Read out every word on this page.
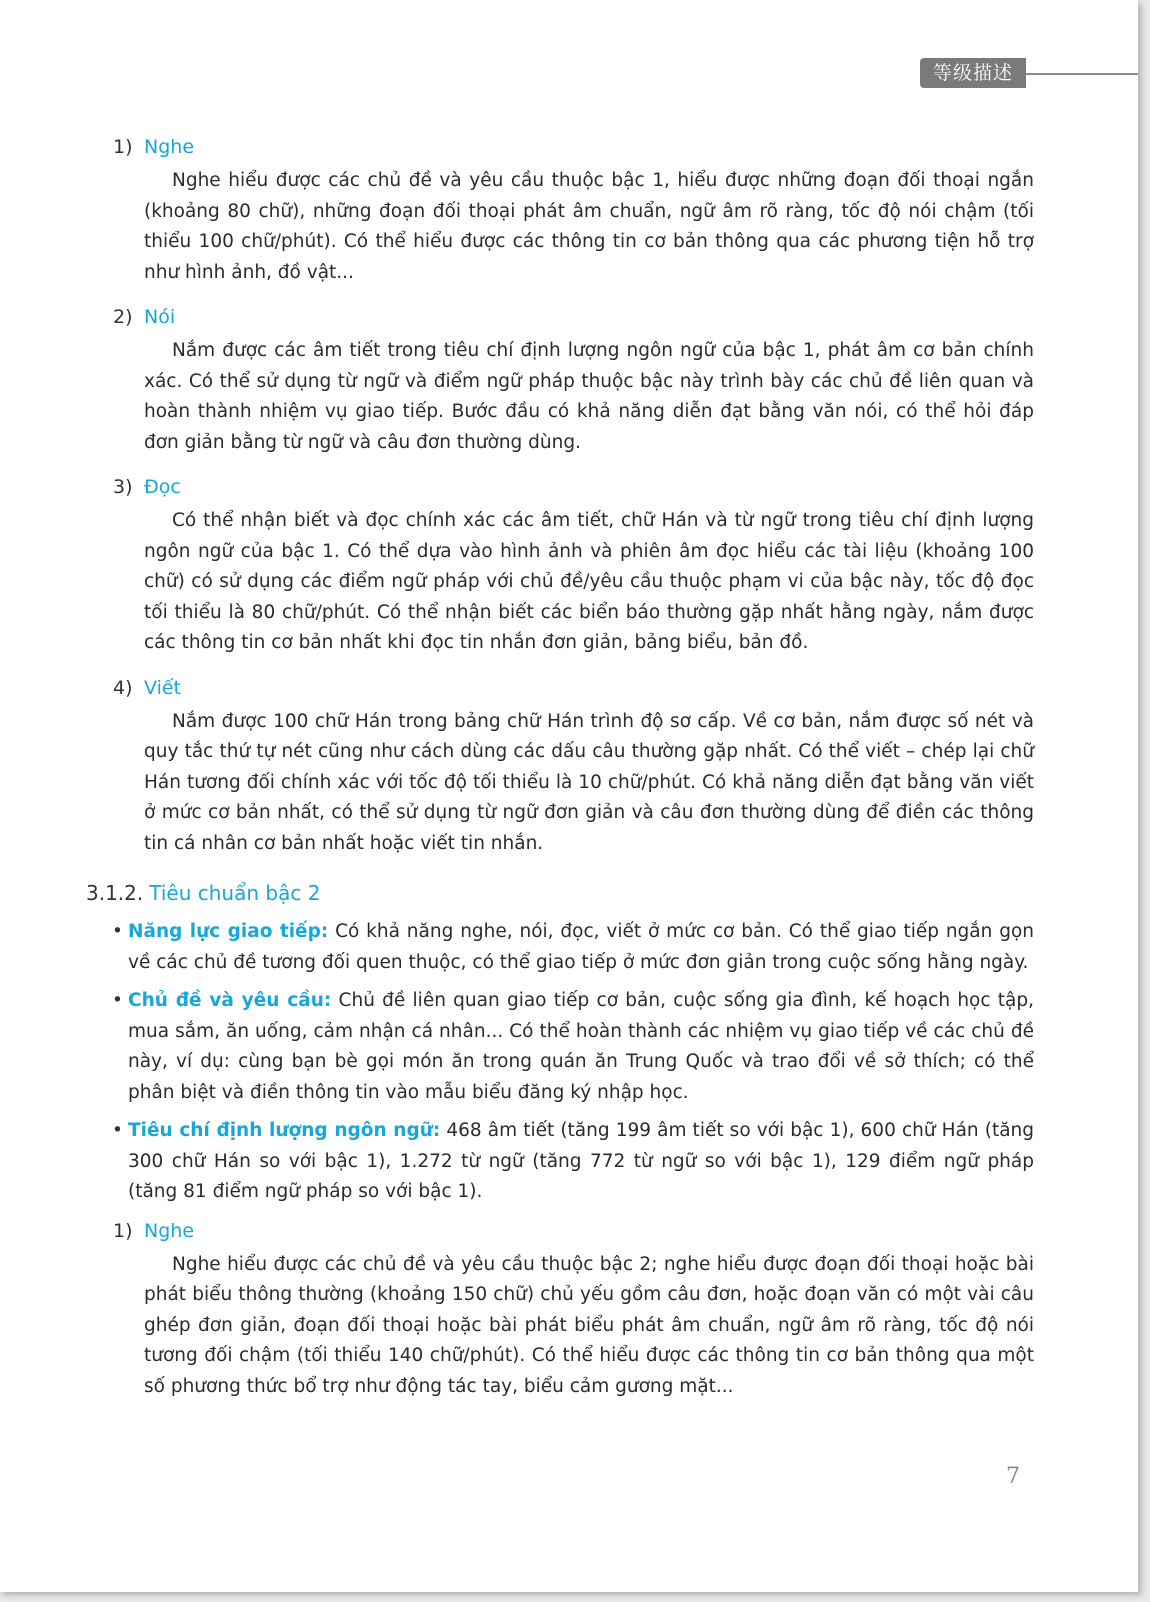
等级描述
1) Nghe

Nghe hiểu được các chủ đề và yêu cầu thuộc bậc 1, hiểu được những đoạn đối thoại ngắn (khoảng 80 chữ), những đoạn đối thoại phát âm chuẩn, ngữ âm rõ ràng, tốc độ nói chậm (tối thiểu 100 chữ/phút). Có thể hiểu được các thông tin cơ bản thông qua các phương tiện hỗ trợ như hình ảnh, đồ vật...

2) Nói

Nắm được các âm tiết trong tiêu chí định lượng ngôn ngữ của bậc 1, phát âm cơ bản chính xác. Có thể sử dụng từ ngữ và điểm ngữ pháp thuộc bậc này trình bày các chủ đề liên quan và hoàn thành nhiệm vụ giao tiếp. Bước đầu có khả năng diễn đạt bằng văn nói, có thể hỏi đáp đơn giản bằng từ ngữ và câu đơn thường dùng.

3) Đọc

Có thể nhận biết và đọc chính xác các âm tiết, chữ Hán và từ ngữ trong tiêu chí định lượng ngôn ngữ của bậc 1. Có thể dựa vào hình ảnh và phiên âm đọc hiểu các tài liệu (khoảng 100 chữ) có sử dụng các điểm ngữ pháp với chủ đề/yêu cầu thuộc phạm vi của bậc này, tốc độ đọc tối thiểu là 80 chữ/phút. Có thể nhận biết các biển báo thường gặp nhất hằng ngày, nắm được các thông tin cơ bản nhất khi đọc tin nhắn đơn giản, bảng biểu, bản đồ.

4) Viết

Nắm được 100 chữ Hán trong bảng chữ Hán trình độ sơ cấp. Về cơ bản, nắm được số nét và quy tắc thứ tự nét cũng như cách dùng các dấu câu thường gặp nhất. Có thể viết – chép lại chữ Hán tương đối chính xác với tốc độ tối thiểu là 10 chữ/phút. Có khả năng diễn đạt bằng văn viết ở mức cơ bản nhất, có thể sử dụng từ ngữ đơn giản và câu đơn thường dùng để điền các thông tin cá nhân cơ bản nhất hoặc viết tin nhắn.

3.1.2. Tiêu chuẩn bậc 2
• Năng lực giao tiếp: Có khả năng nghe, nói, đọc, viết ở mức cơ bản. Có thể giao tiếp ngắn gọn về các chủ đề tương đối quen thuộc, có thể giao tiếp ở mức đơn giản trong cuộc sống hằng ngày.
• Chủ đề và yêu cầu: Chủ đề liên quan giao tiếp cơ bản, cuộc sống gia đình, kế hoạch học tập, mua sắm, ăn uống, cảm nhận cá nhân... Có thể hoàn thành các nhiệm vụ giao tiếp về các chủ đề này, ví dụ: cùng bạn bè gọi món ăn trong quán ăn Trung Quốc và trao đổi về sở thích; có thể phân biệt và điền thông tin vào mẫu biểu đăng ký nhập học.
• Tiêu chí định lượng ngôn ngữ: 468 âm tiết (tăng 199 âm tiết so với bậc 1), 600 chữ Hán (tăng 300 chữ Hán so với bậc 1), 1.272 từ ngữ (tăng 772 từ ngữ so với bậc 1), 129 điểm ngữ pháp (tăng 81 điểm ngữ pháp so với bậc 1).
1) Nghe

Nghe hiểu được các chủ đề và yêu cầu thuộc bậc 2; nghe hiểu được đoạn đối thoại hoặc bài phát biểu thông thường (khoảng 150 chữ) chủ yếu gồm câu đơn, hoặc đoạn văn có một vài câu ghép đơn giản, đoạn đối thoại hoặc bài phát biểu phát âm chuẩn, ngữ âm rõ ràng, tốc độ nói tương đối chậm (tối thiểu 140 chữ/phút). Có thể hiểu được các thông tin cơ bản thông qua một số phương thức bổ trợ như động tác tay, biểu cảm gương mặt...

7
